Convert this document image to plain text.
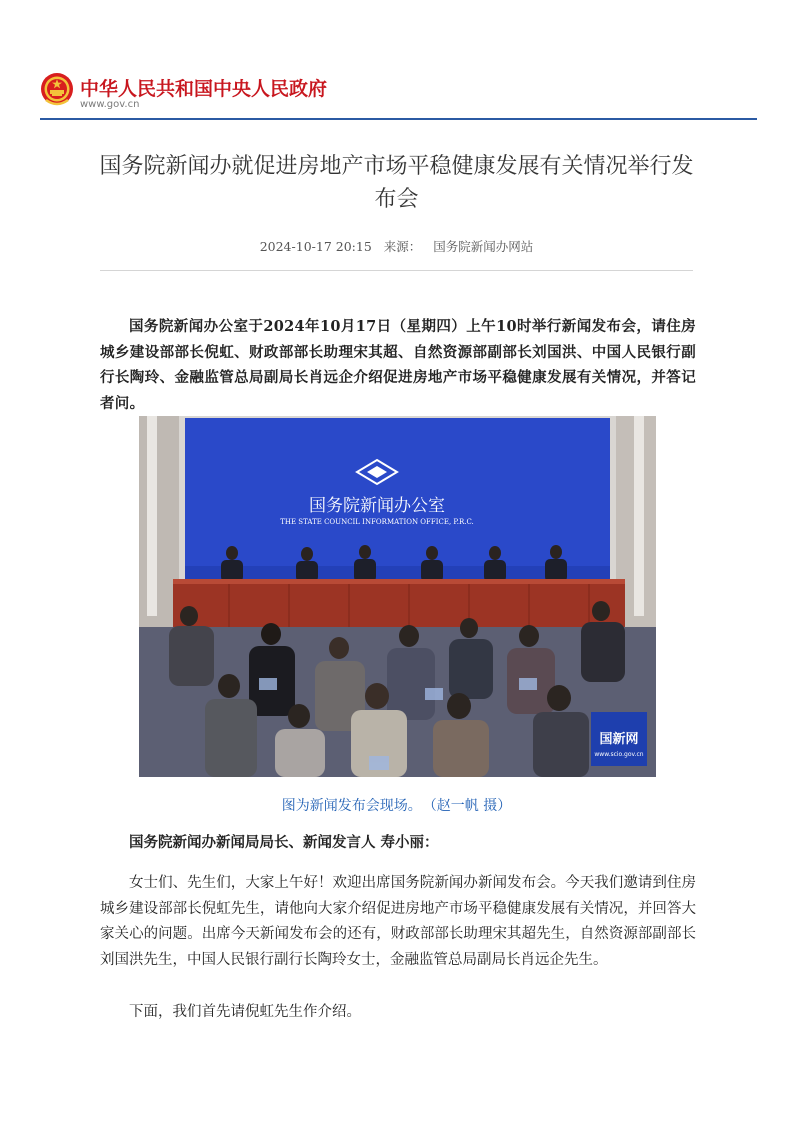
中华人民共和国中央人民政府
www.gov.cn
国务院新闻办就促进房地产市场平稳健康发展有关情况举行发布会
2024-10-17 20:15 来源： 国务院新闻办网站

国务院新闻办公室于2024年10月17日（星期四）上午10时举行新闻发布会，请住房城乡建设部部长倪虹、财政部部长助理宋其超、自然资源部副部长刘国洪、中国人民银行副行长陶玲、金融监管总局副局长肖远企介绍促进房地产市场平稳健康发展有关情况，并答记者问。

国务院新闻办公室
THE STATE COUNCIL INFORMATION OFFICE, P.R.C.
国新网
www.scio.gov.cn
图为新闻发布会现场。 （赵一帆 摄）

国务院新闻办新闻局局长、新闻发言人 寿小丽：

女士们、先生们，大家上午好！欢迎出席国务院新闻办新闻发布会。今天我们邀请到住房城乡建设部部长倪虹先生，请他向大家介绍促进房地产市场平稳健康发展有关情况，并回答大家关心的问题。出席今天新闻发布会的还有，财政部部长助理宋其超先生，自然资源部副部长刘国洪先生，中国人民银行副行长陶玲女士，金融监管总局副局长肖远企先生。

下面，我们首先请倪虹先生作介绍。
